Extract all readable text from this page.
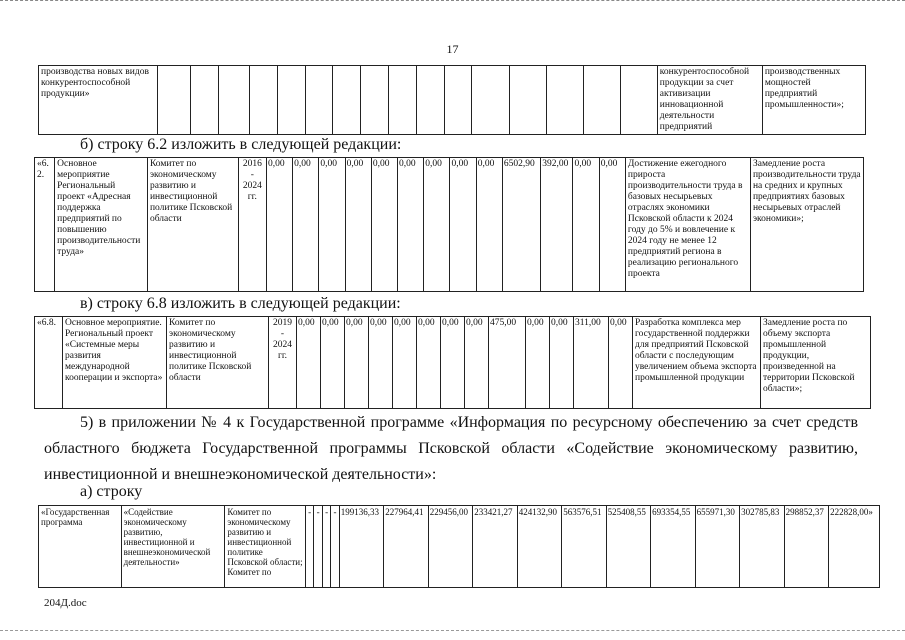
17
производства новых видов конкурентоспособной продукции»																	конкурентоспособной продукции за счет активизации инновационной деятельности предприятий	производственных мощностей предприятий промышленности»;
б) строку 6.2 изложить в следующей редакции:
«6.2.	Основное мероприятие Региональный проект «Адресная поддержка предприятий по повышению производительности труда»	Комитет по экономическому развитию и инвестиционной политике Псковской области	2016 - 2024 гг.	0,00	0,00	0,00	0,00	0,00	0,00	0,00	0,00	0,00	6502,90	392,00	0,00	0,00	Достижение ежегодного прироста производительности труда в базовых несырьевых отраслях экономики Псковской области к 2024 году до 5% и вовлечение к 2024 году не менее 12 предприятий региона в реализацию регионального проекта	Замедление роста производительности труда на средних и крупных предприятиях базовых несырьевых отраслей экономики»;
в) строку 6.8 изложить в следующей редакции:
«6.8.	Основное мероприятие. Региональный проект «Системные меры развития международной кооперации и экспорта»	Комитет по экономическому развитию и инвестиционной политике Псковской области	2019 - 2024 гг.	0,00	0,00	0,00	0,00	0,00	0,00	0,00	0,00	475,00	0,00	0,00	311,00	0,00	Разработка комплекса мер государственной поддержки для предприятий Псковской области с последующим увеличением объема экспорта промышленной продукции	Замедление роста по объему экспорта промышленной продукции, произведенной на территории Псковской области»;
5) в приложении № 4 к Государственной программе «Информация по ресурсному обеспечению за счет средств областного бюджета Государственной программы Псковской области «Содействие экономическому развитию, инвестиционной и внешнеэкономической деятельности»:
а) строку
«Государственная программа	«Содействие экономическому развитию, инвестиционной и внешнеэкономической деятельности»	Комитет по экономическому развитию и инвестиционной политике Псковской области; Комитет по	-	-	-	-	199136,33	227964,41	229456,00	233421,27	424132,90	563576,51	525408,55	693354,55	655971,30	302785,83	298852,37	222828,00»
204Д.doc
